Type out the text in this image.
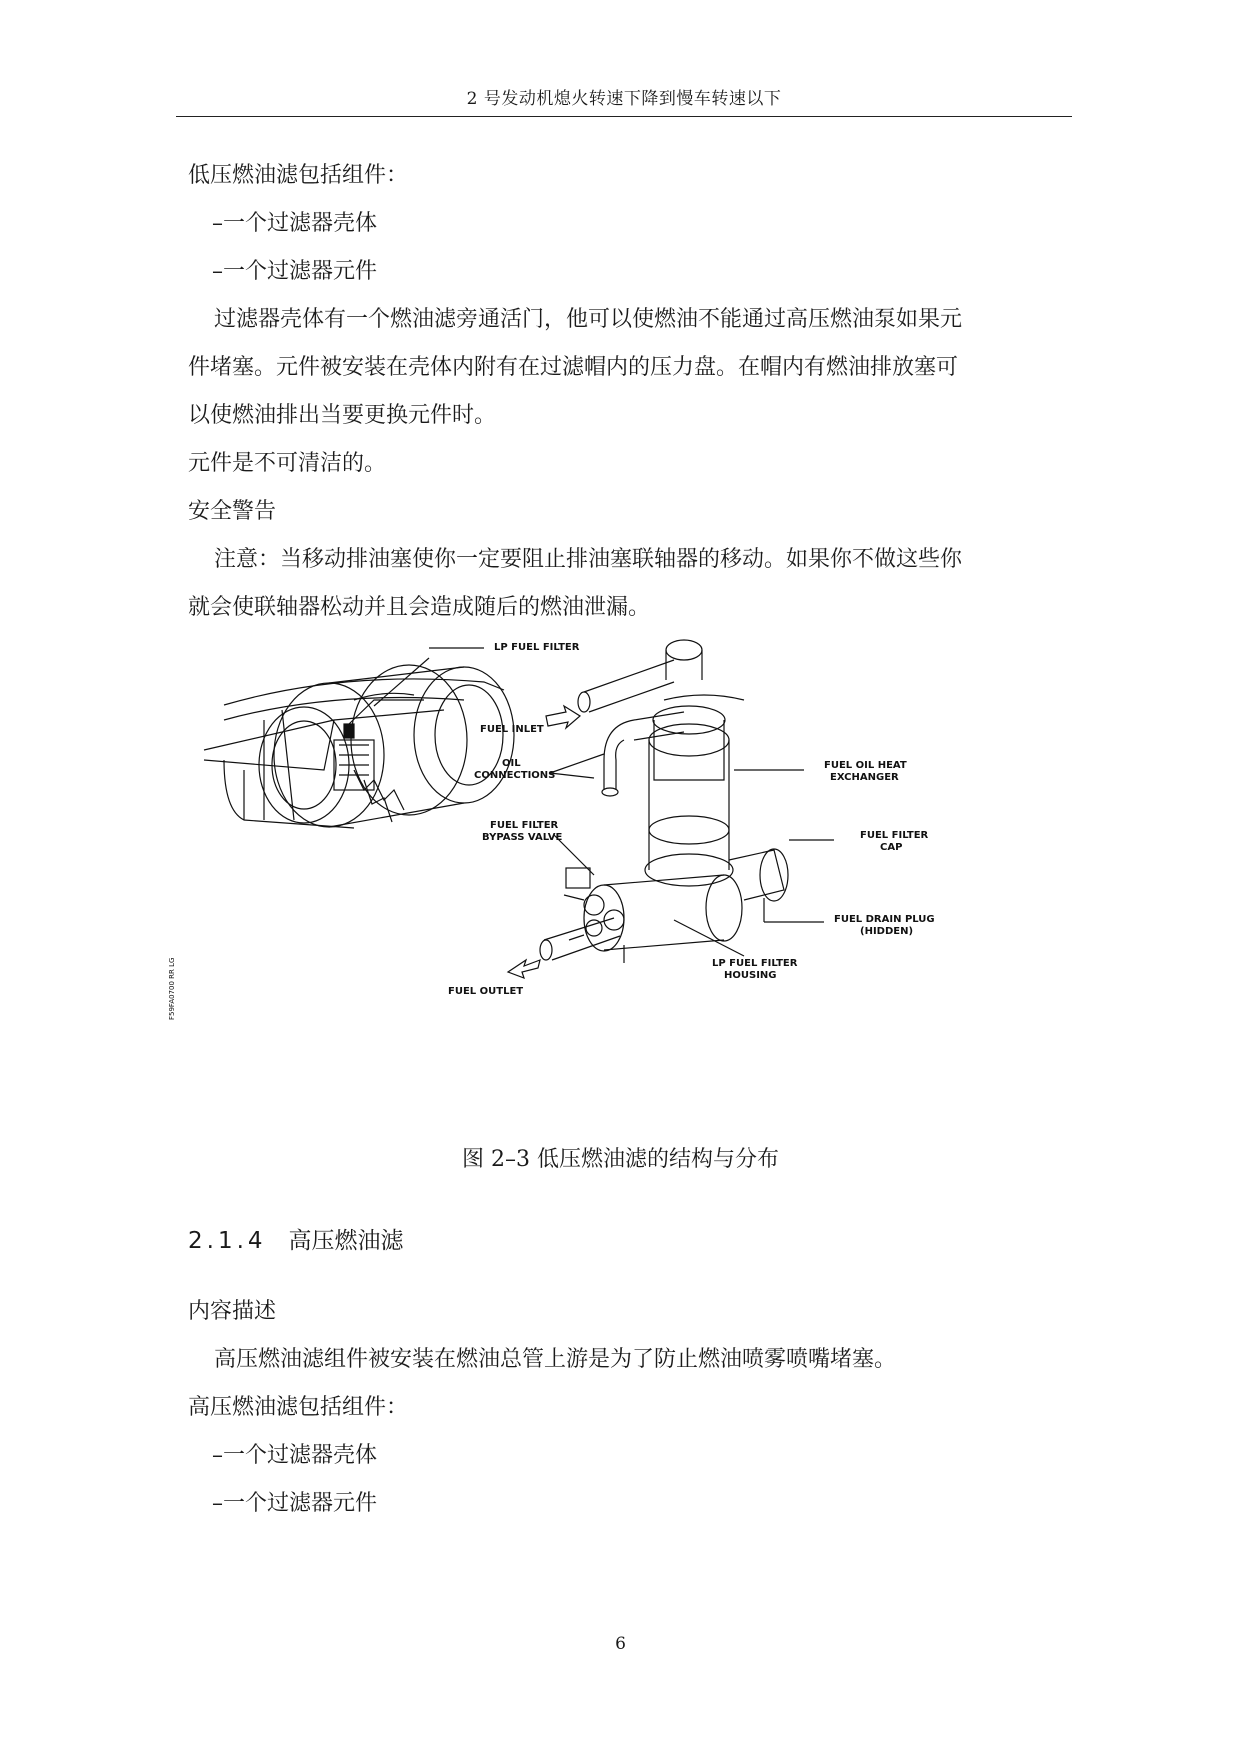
2 号发动机熄火转速下降到慢车转速以下
低压燃油滤包括组件：
–一个过滤器壳体
–一个过滤器元件
过滤器壳体有一个燃油滤旁通活门，他可以使燃油不能通过高压燃油泵如果元
件堵塞。元件被安装在壳体内附有在过滤帽内的压力盘。在帽内有燃油排放塞可
以使燃油排出当要更换元件时。
元件是不可清洁的。
安全警告
注意：当移动排油塞使你一定要阻止排油塞联轴器的移动。如果你不做这些你
就会使联轴器松动并且会造成随后的燃油泄漏。
LP FUEL FILTER
FUEL INLET
OIL
CONNECTIONS
FUEL OIL HEAT
EXCHANGER
FUEL FILTER
BYPASS VALVE	FUEL FILTER
CAP
FUEL DRAIN PLUG
(HIDDEN)
LP FUEL FILTER
HOUSING
FUEL OUTLET
F59FA0700 RR LG
图 2–3 低压燃油滤的结构与分布
2.1.4 高压燃油滤
内容描述
高压燃油滤组件被安装在燃油总管上游是为了防止燃油喷雾喷嘴堵塞。
高压燃油滤包括组件：
–一个过滤器壳体
–一个过滤器元件
6
